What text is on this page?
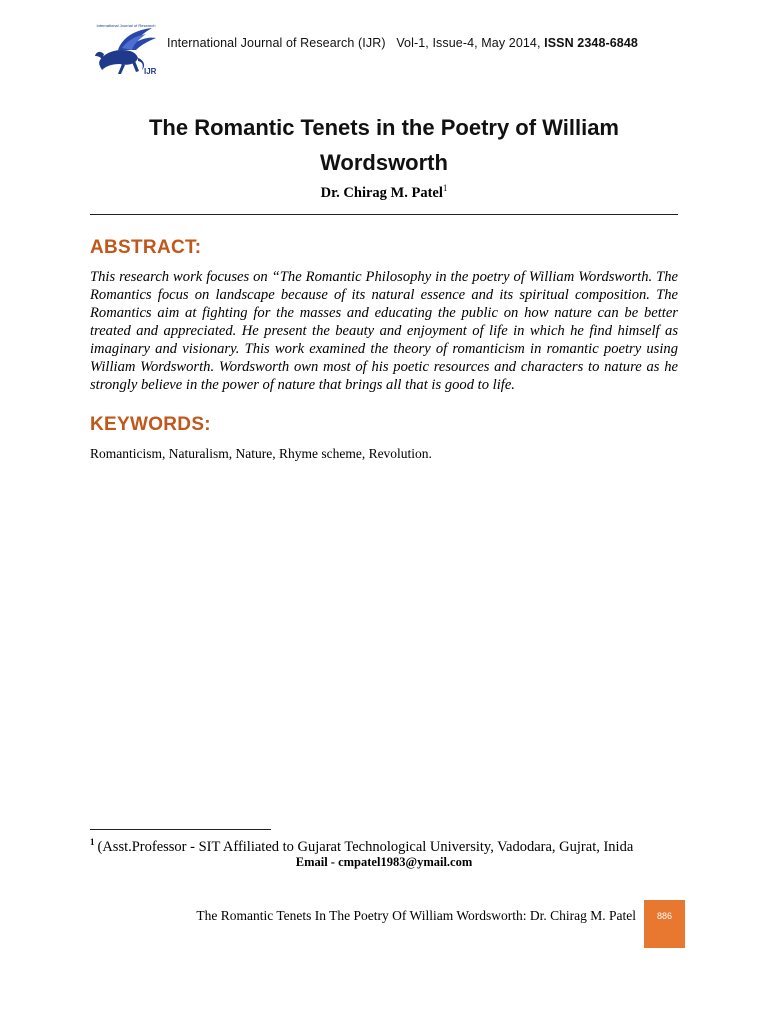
International Journal of Research
IJR
International Journal of Research (IJR) Vol-1, Issue-4, May 2014, ISSN 2348-6848
The Romantic Tenets in the Poetry of William
Wordsworth
Dr. Chirag M. Patel$^1$
ABSTRACT:
This research work focuses on “The Romantic Philosophy in the poetry of William Wordsworth. The Romantics focus on landscape because of its natural essence and its spiritual composition. The Romantics aim at fighting for the masses and educating the public on how nature can be better treated and appreciated. He present the beauty and enjoyment of life in which he find himself as imaginary and visionary. This work examined the theory of romanticism in romantic poetry using William Wordsworth. Wordsworth own most of his poetic resources and characters to nature as he strongly believe in the power of nature that brings all that is good to life.
KEYWORDS:
Romanticism, Naturalism, Nature, Rhyme scheme, Revolution.
$^1$ (Asst.Professor - SIT Affiliated to Gujarat Technological University, Vadodara, Gujrat, Inida
Email - cmpatel1983@ymail.com
The Romantic Tenets In The Poetry Of William Wordsworth: Dr. Chirag M. Patel	886
